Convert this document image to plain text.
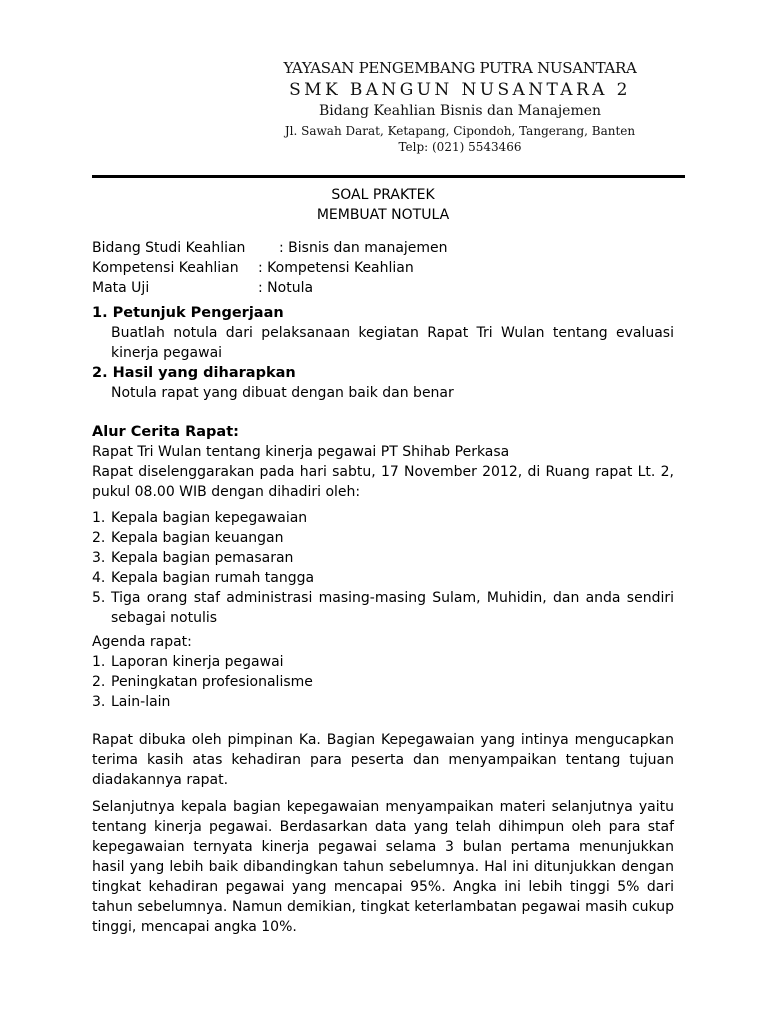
YAYASAN PENGEMBANG PUTRA NUSANTARA
SMK BANGUN NUSANTARA 2
Bidang Keahlian Bisnis dan Manajemen
Jl. Sawah Darat, Ketapang, Cipondoh, Tangerang, Banten
Telp: (021) 5543466
SOAL PRAKTEK
MEMBUAT NOTULA
Bidang Studi Keahlian : Bisnis dan manajemen
Kompetensi Keahlian : Kompetensi Keahlian
Mata Uji	: Notula
1. Petunjuk Pengerjaan
Buatlah notula dari pelaksanaan kegiatan Rapat Tri Wulan tentang evaluasi kinerja pegawai
2. Hasil yang diharapkan
Notula rapat yang dibuat dengan baik dan benar
Alur Cerita Rapat:
Rapat Tri Wulan tentang kinerja pegawai PT Shihab Perkasa
Rapat diselenggarakan pada hari sabtu, 17 November 2012, di Ruang rapat Lt. 2, pukul 08.00 WIB dengan dihadiri oleh:
1. Kepala bagian kepegawaian
2. Kepala bagian keuangan
3. Kepala bagian pemasaran
4. Kepala bagian rumah tangga
5. Tiga orang staf administrasi masing-masing Sulam, Muhidin, dan anda sendiri sebagai notulis
Agenda rapat:
1. Laporan kinerja pegawai
2. Peningkatan profesionalisme
3. Lain-lain
Rapat dibuka oleh pimpinan Ka. Bagian Kepegawaian yang intinya mengucapkan terima kasih atas kehadiran para peserta dan menyampaikan tentang tujuan diadakannya rapat.
Selanjutnya kepala bagian kepegawaian menyampaikan materi selanjutnya yaitu tentang kinerja pegawai. Berdasarkan data yang telah dihimpun oleh para staf kepegawaian ternyata kinerja pegawai selama 3 bulan pertama menunjukkan hasil yang lebih baik dibandingkan tahun sebelumnya. Hal ini ditunjukkan dengan tingkat kehadiran pegawai yang mencapai 95%. Angka ini lebih tinggi 5% dari tahun sebelumnya. Namun demikian, tingkat keterlambatan pegawai masih cukup tinggi, mencapai angka 10%.
